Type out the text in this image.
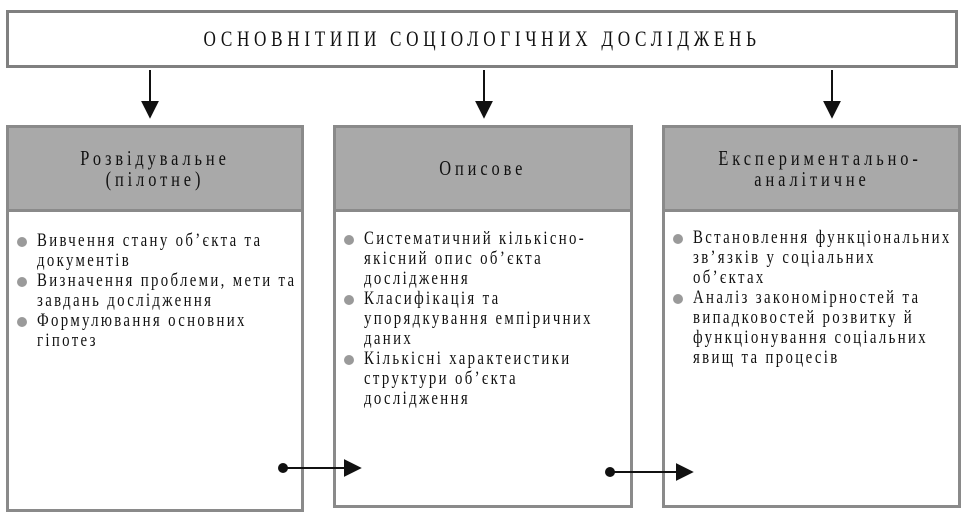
ОСНОВНІТИПИ СОЦІОЛОГІЧНИХ ДОСЛІДЖЕНЬ
Розвідувальне (пілотне)
Вивчення стану об’єкта та документів
Визначення проблеми, мети та завдань дослідження
Формулювання основних гіпотез
Описове
Систематичний кількісно-якісний опис об’єкта дослідження
Класифікація та упорядкування емпіричних даних
Кількісні характеистики структури об’єкта дослідження
Експериментально-аналітичне
Встановлення функціональних зв’язків у соціальних об’єктах
Аналіз закономірностей та випадковостей розвитку й функціонування соціальних явищ та процесів
